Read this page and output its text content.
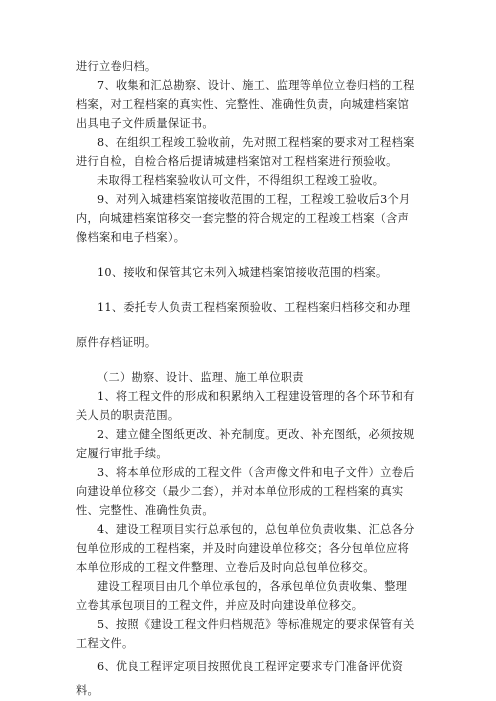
进行立卷归档。
7、收集和汇总勘察、设计、施工、监理等单位立卷归档的工程
档案，对工程档案的真实性、完整性、准确性负责，向城建档案馆
出具电子文件质量保证书。
8、在组织工程竣工验收前，先对照工程档案的要求对工程档案
进行自检，自检合格后提请城建档案馆对工程档案进行预验收。
未取得工程档案验收认可文件，不得组织工程竣工验收。
9、对列入城建档案馆接收范围的工程，工程竣工验收后3个月
内，向城建档案馆移交一套完整的符合规定的工程竣工档案（含声
像档案和电子档案）。
10、接收和保管其它未列入城建档案馆接收范围的档案。
11、委托专人负责工程档案预验收、工程档案归档移交和办理
原件存档证明。
（二）勘察、设计、监理、施工单位职责
1、将工程文件的形成和积累纳入工程建设管理的各个环节和有
关人员的职责范围。
2、建立健全图纸更改、补充制度。更改、补充图纸，必须按规
定履行审批手续。
3、将本单位形成的工程文件（含声像文件和电子文件）立卷后
向建设单位移交（最少二套），并对本单位形成的工程档案的真实
性、完整性、准确性负责。
4、建设工程项目实行总承包的，总包单位负责收集、汇总各分
包单位形成的工程档案，并及时向建设单位移交；各分包单位应将
本单位形成的工程文件整理、立卷后及时向总包单位移交。
建设工程项目由几个单位承包的，各承包单位负责收集、整理
立卷其承包项目的工程文件，并应及时向建设单位移交。
5、按照《建设工程文件归档规范》等标准规定的要求保管有关
工程文件。
6、优良工程评定项目按照优良工程评定要求专门准备评优资
料。
